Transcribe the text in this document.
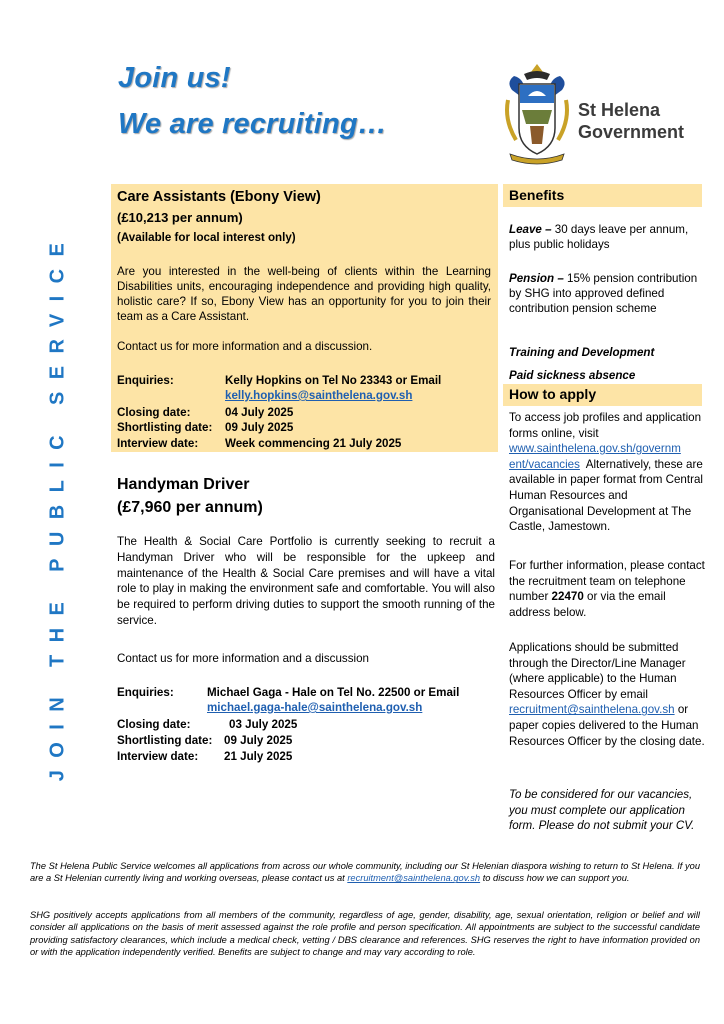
Join us!
We are recruiting…	St Helena
Government
JOIN THE PUBLIC SERVICE
Care Assistants (Ebony View)
(£10,213 per annum)
(Available for local interest only)
Are you interested in the well-being of clients within the Learning Disabilities units, encouraging independence and providing high quality, holistic care? If so, Ebony View has an opportunity for you to join their team as a Care Assistant.
Contact us for more information and a discussion.
Enquiries:	Kelly Hopkins on Tel No 23343 or Email
kelly.hopkins@sainthelena.gov.sh
Closing date:	04 July 2025
Shortlisting date: 09 July 2025
Interview date: Week commencing 21 July 2025
Handyman Driver
(£7,960 per annum)
The Health & Social Care Portfolio is currently seeking to recruit a Handyman Driver who will be responsible for the upkeep and maintenance of the Health & Social Care premises and will have a vital role to play in making the environment safe and comfortable. You will also be required to perform driving duties to support the smooth running of the service.
Contact us for more information and a discussion
Enquiries:	Michael Gaga - Hale on Tel No. 22500 or Email
michael.gaga-hale@sainthelena.gov.sh
Closing date:	03 July 2025
Shortlisting date: 09 July 2025
Interview date: 21 July 2025
Benefits
Leave – 30 days leave per annum, plus public holidays
Pension – 15% pension contribution by SHG into approved defined contribution pension scheme
Training and Development
Paid sickness absence
How to apply
To access job profiles and application forms online, visit www.sainthelena.gov.sh/governm
ent/vacancies Alternatively, these are available in paper format from Central Human Resources and Organisational Development at The Castle, Jamestown.
For further information, please contact the recruitment team on telephone number 22470 or via the email address below.
Applications should be submitted through the Director/Line Manager (where applicable) to the Human Resources Officer by email recruitment@sainthelena.gov.sh or paper copies delivered to the Human Resources Officer by the closing date.
To be considered for our vacancies, you must complete our application form. Please do not submit your CV.
The St Helena Public Service welcomes all applications from across our whole community, including our St Helenian diaspora wishing to return to St Helena. If you are a St Helenian currently living and working overseas, please contact us at recruitment@sainthelena.gov.sh to discuss how we can support you.
SHG positively accepts applications from all members of the community, regardless of age, gender, disability, age, sexual orientation, religion or belief and will consider all applications on the basis of merit assessed against the role profile and person specification. All appointments are subject to the successful candidate providing satisfactory clearances, which include a medical check, vetting / DBS clearance and references. SHG reserves the right to have information provided on or with the application independently verified. Benefits are subject to change and may vary according to role.
